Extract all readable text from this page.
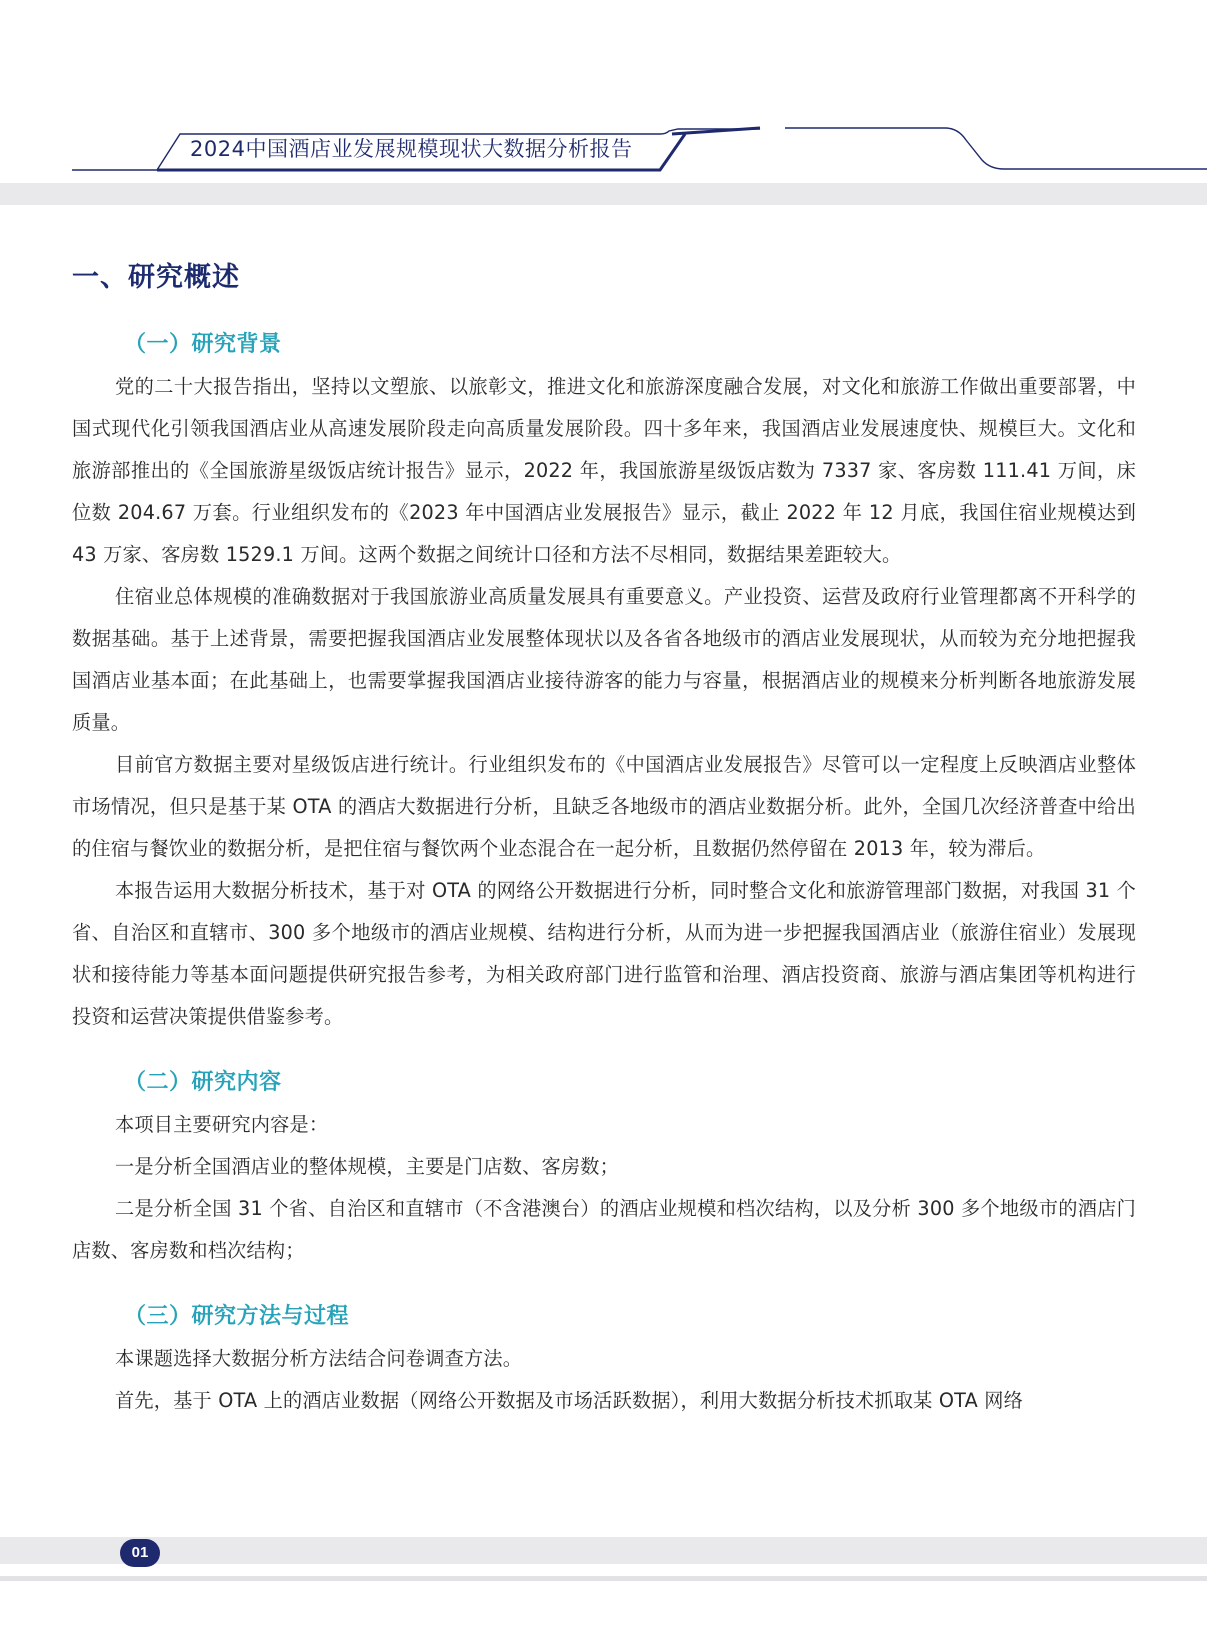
2024中国酒店业发展规模现状大数据分析报告
一、研究概述
（一）研究背景

党的二十大报告指出，坚持以文塑旅、以旅彰文，推进文化和旅游深度融合发展，对文化和旅游工作做出重要部署，中国式现代化引领我国酒店业从高速发展阶段走向高质量发展阶段。四十多年来，我国酒店业发展速度快、规模巨大。文化和旅游部推出的《全国旅游星级饭店统计报告》显示，2022 年，我国旅游星级饭店数为 7337 家、客房数 111.41 万间，床位数 204.67 万套。行业组织发布的《2023 年中国酒店业发展报告》显示，截止 2022 年 12 月底，我国住宿业规模达到 43 万家、客房数 1529.1 万间。这两个数据之间统计口径和方法不尽相同，数据结果差距较大。

住宿业总体规模的准确数据对于我国旅游业高质量发展具有重要意义。产业投资、运营及政府行业管理都离不开科学的数据基础。基于上述背景，需要把握我国酒店业发展整体现状以及各省各地级市的酒店业发展现状，从而较为充分地把握我国酒店业基本面；在此基础上，也需要掌握我国酒店业接待游客的能力与容量，根据酒店业的规模来分析判断各地旅游发展质量。

目前官方数据主要对星级饭店进行统计。行业组织发布的《中国酒店业发展报告》尽管可以一定程度上反映酒店业整体市场情况，但只是基于某 OTA 的酒店大数据进行分析，且缺乏各地级市的酒店业数据分析。此外，全国几次经济普查中给出的住宿与餐饮业的数据分析，是把住宿与餐饮两个业态混合在一起分析，且数据仍然停留在 2013 年，较为滞后。

本报告运用大数据分析技术，基于对 OTA 的网络公开数据进行分析，同时整合文化和旅游管理部门数据，对我国 31 个省、自治区和直辖市、300 多个地级市的酒店业规模、结构进行分析，从而为进一步把握我国酒店业（旅游住宿业）发展现状和接待能力等基本面问题提供研究报告参考，为相关政府部门进行监管和治理、酒店投资商、旅游与酒店集团等机构进行投资和运营决策提供借鉴参考。

（二）研究内容

本项目主要研究内容是：

一是分析全国酒店业的整体规模，主要是门店数、客房数；

二是分析全国 31 个省、自治区和直辖市（不含港澳台）的酒店业规模和档次结构，以及分析 300 多个地级市的酒店门店数、客房数和档次结构；

（三）研究方法与过程

本课题选择大数据分析方法结合问卷调查方法。

首先，基于 OTA 上的酒店业数据（网络公开数据及市场活跃数据），利用大数据分析技术抓取某 OTA 网络

01
